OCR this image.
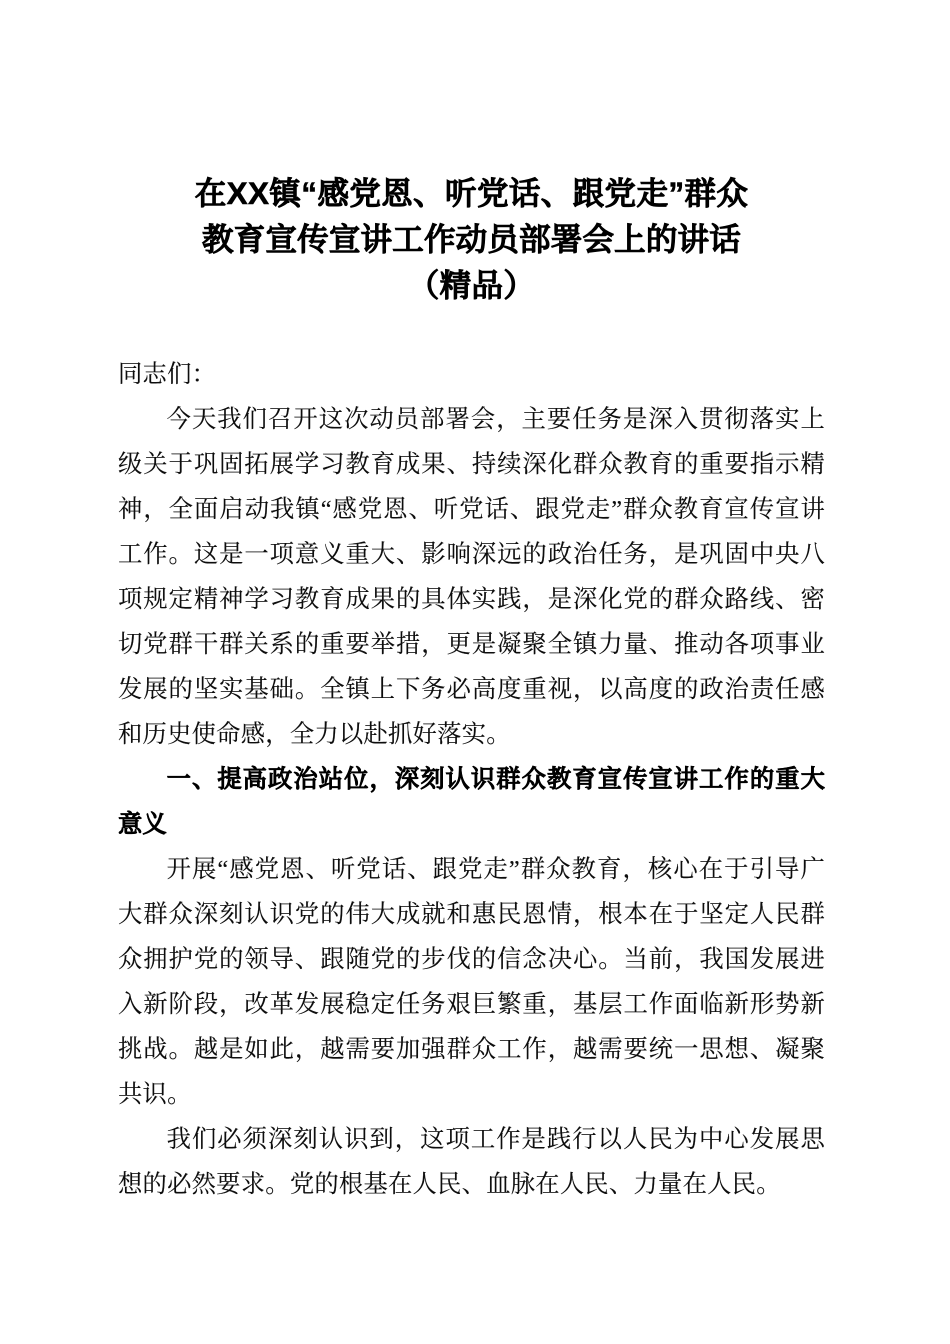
在XX镇“感党恩、听党话、跟党走”群众
教育宣传宣讲工作动员部署会上的讲话
（精品）

同志们：

今天我们召开这次动员部署会，主要任务是深入贯彻落实上级关于巩固拓展学习教育成果、持续深化群众教育的重要指示精神，全面启动我镇“感党恩、听党话、跟党走”群众教育宣传宣讲工作。这是一项意义重大、影响深远的政治任务，是巩固中央八项规定精神学习教育成果的具体实践，是深化党的群众路线、密切党群干群关系的重要举措，更是凝聚全镇力量、推动各项事业发展的坚实基础。全镇上下务必高度重视，以高度的政治责任感和历史使命感，全力以赴抓好落实。

一、提高政治站位，深刻认识群众教育宣传宣讲工作的重大意义

开展“感党恩、听党话、跟党走”群众教育，核心在于引导广大群众深刻认识党的伟大成就和惠民恩情，根本在于坚定人民群众拥护党的领导、跟随党的步伐的信念决心。当前，我国发展进入新阶段，改革发展稳定任务艰巨繁重，基层工作面临新形势新挑战。越是如此，越需要加强群众工作，越需要统一思想、凝聚共识。

我们必须深刻认识到，这项工作是践行以人民为中心发展思想的必然要求。党的根基在人民、血脉在人民、力量在人民。
